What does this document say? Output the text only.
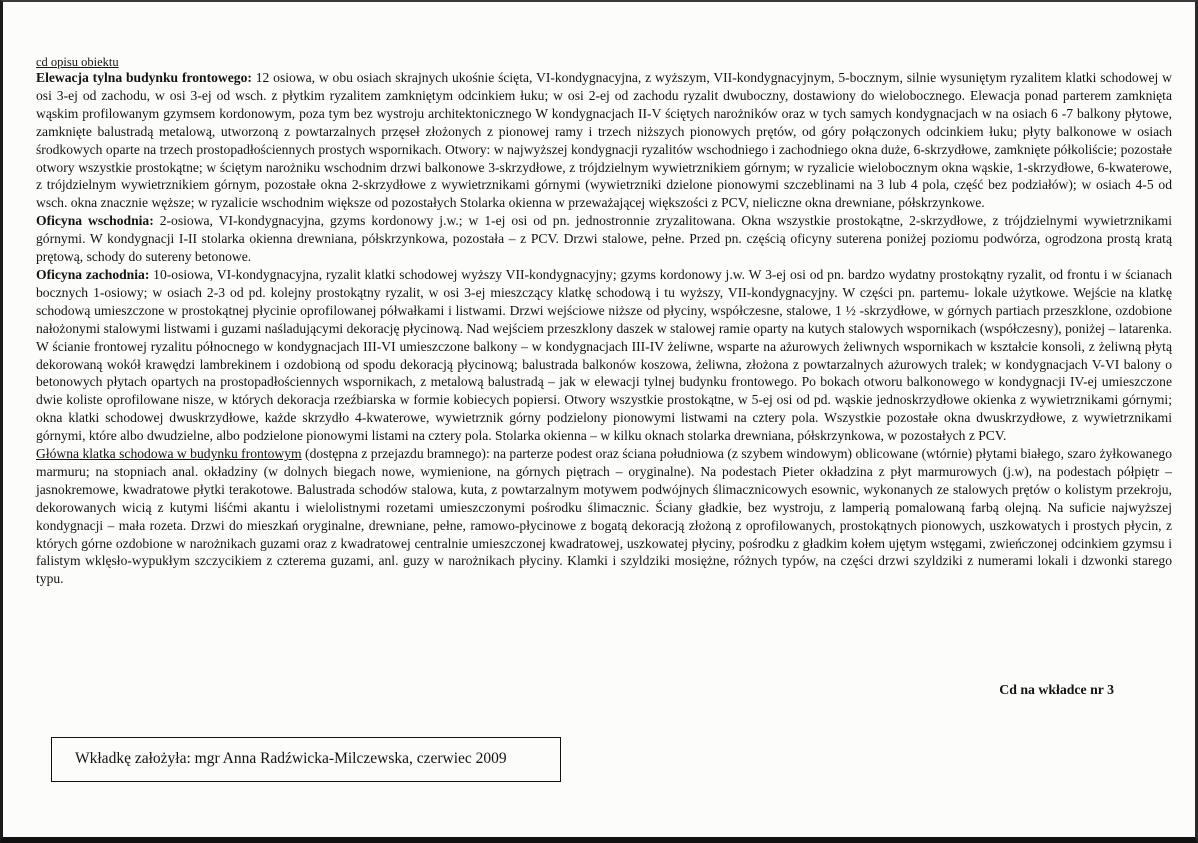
cd opisu obiektu

Elewacja tylna budynku frontowego: 12 osiowa, w obu osiach skrajnych ukośnie ścięta, VI-kondygnacyjna, z wyższym, VII-kondygnacyjnym, 5-bocznym, silnie wysuniętym ryzalitem klatki schodowej w osi 3-ej od zachodu, w osi 3-ej od wsch. z płytkim ryzalitem zamkniętym odcinkiem łuku; w osi 2-ej od zachodu ryzalit dwuboczny, dostawiony do wielobocznego. Elewacja ponad parterem zamknięta wąskim profilowanym gzymsem kordonowym, poza tym bez wystroju architektonicznego W kondygnacjach II-V ściętych narożników oraz w tych samych kondygnacjach w na osiach 6 -7 balkony płytowe, zamknięte balustradą metalową, utworzoną z powtarzalnych przęseł złożonych z pionowej ramy i trzech niższych pionowych prętów, od góry połączonych odcinkiem łuku; płyty balkonowe w osiach środkowych oparte na trzech prostopadłościennych prostych wspornikach. Otwory: w najwyższej kondygnacji ryzalitów wschodniego i zachodniego okna duże, 6-skrzydłowe, zamknięte półkoliście; pozostałe otwory wszystkie prostokątne; w ściętym narożniku wschodnim drzwi balkonowe 3-skrzydłowe, z trójdzielnym wywietrznikiem górnym; w ryzalicie wielobocznym okna wąskie, 1-skrzydłowe, 6-kwaterowe, z trójdzielnym wywietrznikiem górnym, pozostałe okna 2-skrzydłowe z wywietrznikami górnymi (wywietrzniki dzielone pionowymi szczeblinami na 3 lub 4 pola, część bez podziałów); w osiach 4-5 od wsch. okna znacznie węższe; w ryzalicie wschodnim większe od pozostałych Stolarka okienna w przeważającej większości z PCV, nieliczne okna drewniane, półskrzynkowe.

Oficyna wschodnia: 2-osiowa, VI-kondygnacyjna, gzyms kordonowy j.w.; w 1-ej osi od pn. jednostronnie zryzalitowana. Okna wszystkie prostokątne, 2-skrzydłowe, z trójdzielnymi wywietrznikami górnymi. W kondygnacji I-II stolarka okienna drewniana, półskrzynkowa, pozostała – z PCV. Drzwi stalowe, pełne. Przed pn. częścią oficyny suterena poniżej poziomu podwórza, ogrodzona prostą kratą prętową, schody do sutereny betonowe.

Oficyna zachodnia: 10-osiowa, VI-kondygnacyjna, ryzalit klatki schodowej wyższy VII-kondygnacyjny; gzyms kordonowy j.w. W 3-ej osi od pn. bardzo wydatny prostokątny ryzalit, od frontu i w ścianach bocznych 1-osiowy; w osiach 2-3 od pd. kolejny prostokątny ryzalit, w osi 3-ej mieszczący klatkę schodową i tu wyższy, VII-kondygnacyjny. W części pn. partemu- lokale użytkowe. Wejście na klatkę schodową umieszczone w prostokątnej płycinie oprofilowanej półwałkami i listwami. Drzwi wejściowe niższe od płyciny, współczesne, stalowe, 1 ½ -skrzydłowe, w górnych partiach przeszklone, ozdobione nałożonymi stalowymi listwami i guzami naśladującymi dekorację płycinową. Nad wejściem przeszklony daszek w stalowej ramie oparty na kutych stalowych wspornikach (współczesny), poniżej – latarenka. W ścianie frontowej ryzalitu północnego w kondygnacjach III-VI umieszczone balkony – w kondygnacjach III-IV żeliwne, wsparte na ażurowych żeliwnych wspornikach w kształcie konsoli, z żeliwną płytą dekorowaną wokół krawędzi lambrekinem i ozdobioną od spodu dekoracją płycinową; balustrada balkonów koszowa, żeliwna, złożona z powtarzalnych ażurowych tralek; w kondygnacjach V-VI balony o betonowych płytach opartych na prostopadłościennych wspornikach, z metalową balustradą – jak w elewacji tylnej budynku frontowego. Po bokach otworu balkonowego w kondygnacji IV-ej umieszczone dwie koliste oprofilowane nisze, w których dekoracja rzeźbiarska w formie kobiecych popiersi. Otwory wszystkie prostokątne, w 5-ej osi od pd. wąskie jednoskrzydłowe okienka z wywietrznikami górnymi; okna klatki schodowej dwuskrzydłowe, każde skrzydło 4-kwaterowe, wywietrznik górny podzielony pionowymi listwami na cztery pola. Wszystkie pozostałe okna dwuskrzydłowe, z wywietrznikami górnymi, które albo dwudzielne, albo podzielone pionowymi listami na cztery pola. Stolarka okienna – w kilku oknach stolarka drewniana, półskrzynkowa, w pozostałych z PCV.

Główna klatka schodowa w budynku frontowym (dostępna z przejazdu bramnego): na parterze podest oraz ściana południowa (z szybem windowym) oblicowane (wtórnie) płytami białego, szaro żyłkowanego marmuru; na stopniach anal. okładziny (w dolnych biegach nowe, wymienione, na górnych piętrach – oryginalne). Na podestach Pieter okładzina z płyt marmurowych (j.w), na podestach półpiętr – jasnokremowe, kwadratowe płytki terakotowe. Balustrada schodów stalowa, kuta, z powtarzalnym motywem podwójnych ślimacznicowych esownic, wykonanych ze stalowych prętów o kolistym przekroju, dekorowanych wicią z kutymi liśćmi akantu i wielolistnymi rozetami umieszczonymi pośrodku ślimacznic. Ściany gładkie, bez wystroju, z lamperią pomalowaną farbą olejną. Na suficie najwyższej kondygnacji – mała rozeta. Drzwi do mieszkań oryginalne, drewniane, pełne, ramowo-płycinowe z bogatą dekoracją złożoną z oprofilowanych, prostokątnych pionowych, uszkowatych i prostych płycin, z których górne ozdobione w narożnikach guzami oraz z kwadratowej centralnie umieszczonej kwadratowej, uszkowatej płyciny, pośrodku z gładkim kołem ujętym wstęgami, zwieńczonej odcinkiem gzymsu i falistym wklęsło-wypukłym szczycikiem z czterema guzami, anl. guzy w narożnikach płyciny. Klamki i szyldziki mosiężne, różnych typów, na części drzwi szyldziki z numerami lokali i dzwonki starego typu.

Cd na wkładce nr 3
Wkładkę założyła: mgr Anna Radźwicka-Milczewska, czerwiec 2009
